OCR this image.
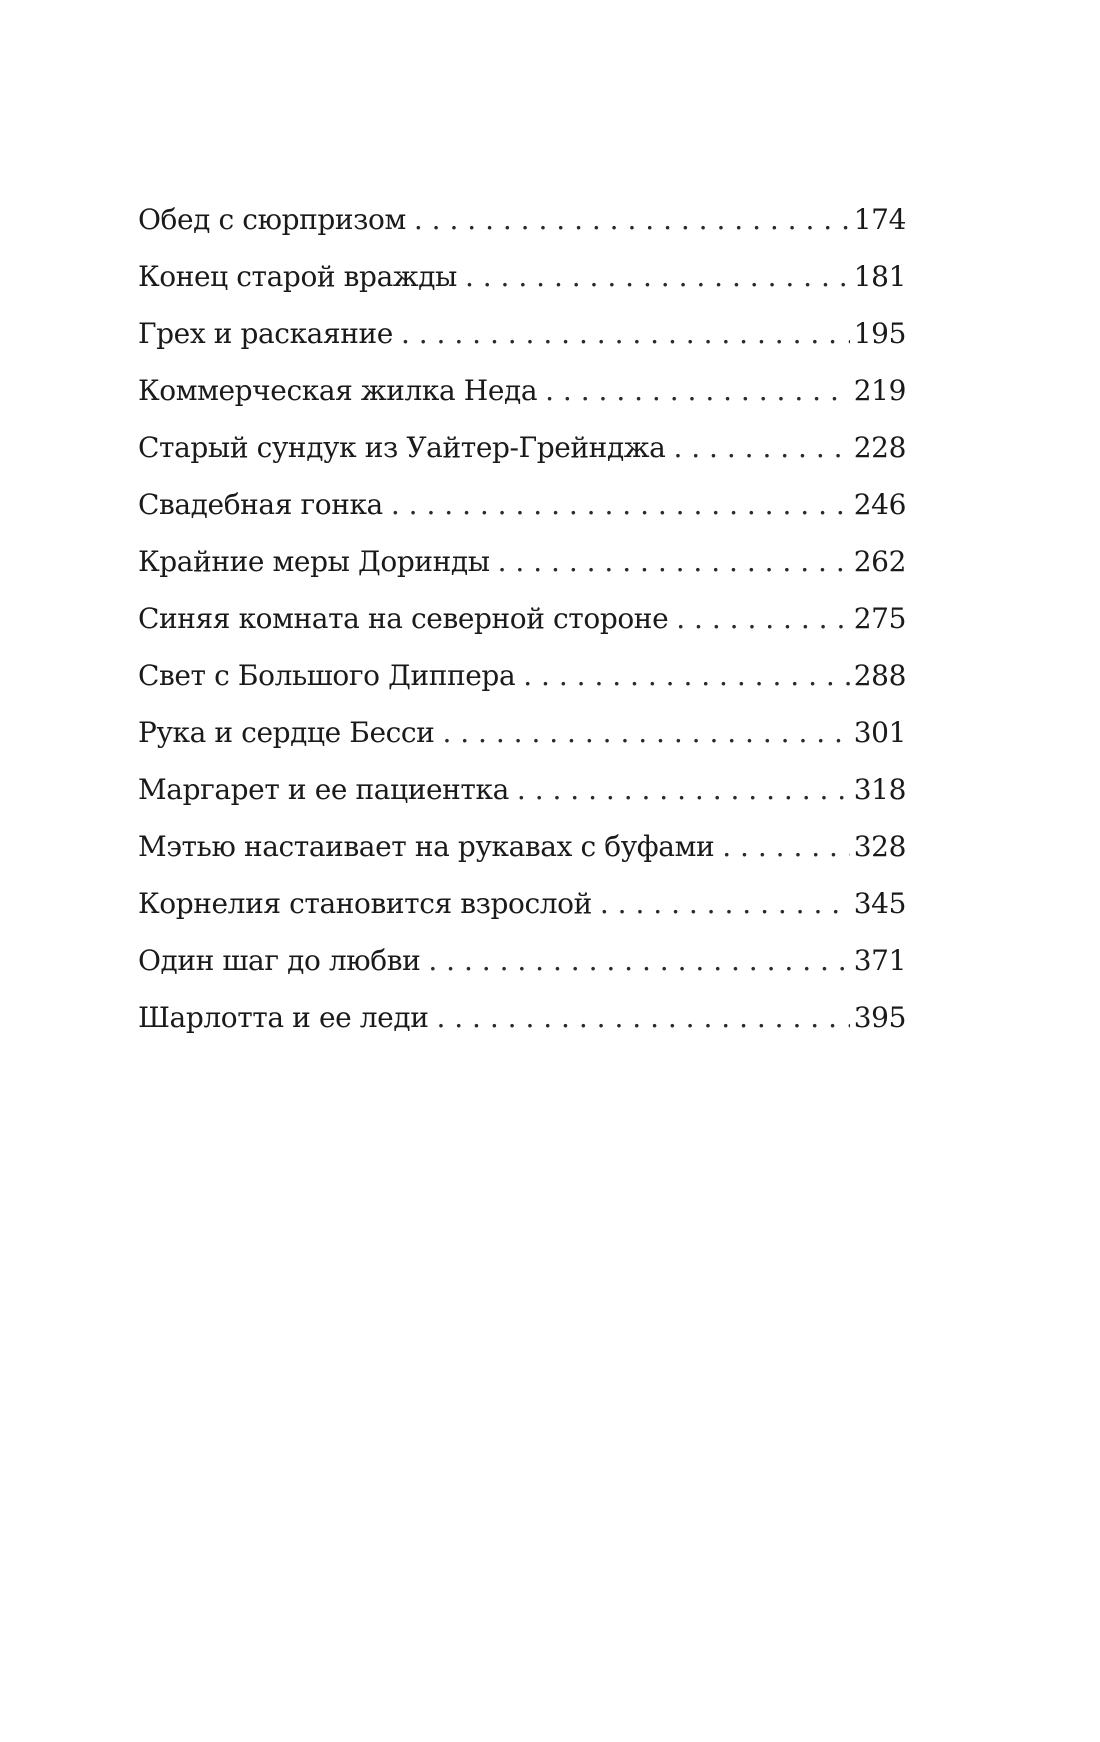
Обед с сюрпризом . . .	174
Конец старой вражды . . .	181
Грех и раскаяние . . .	195
Коммерческая жилка Неда . . .	219
Старый сундук из Уайтер-Грейнджа . . .	228
Свадебная гонка . . .	246
Крайние меры Доринды . . .	262
Синяя комната на северной стороне . . .	275
Свет с Большого Диппера . . .	288
Рука и сердце Бесси . . .	301
Маргарет и ее пациентка . . .	318
Мэтью настаивает на рукавах с буфами . . .	328
Корнелия становится взрослой . . .	345
Один шаг до любви . . .	371
Шарлотта и ее леди . . .	395
